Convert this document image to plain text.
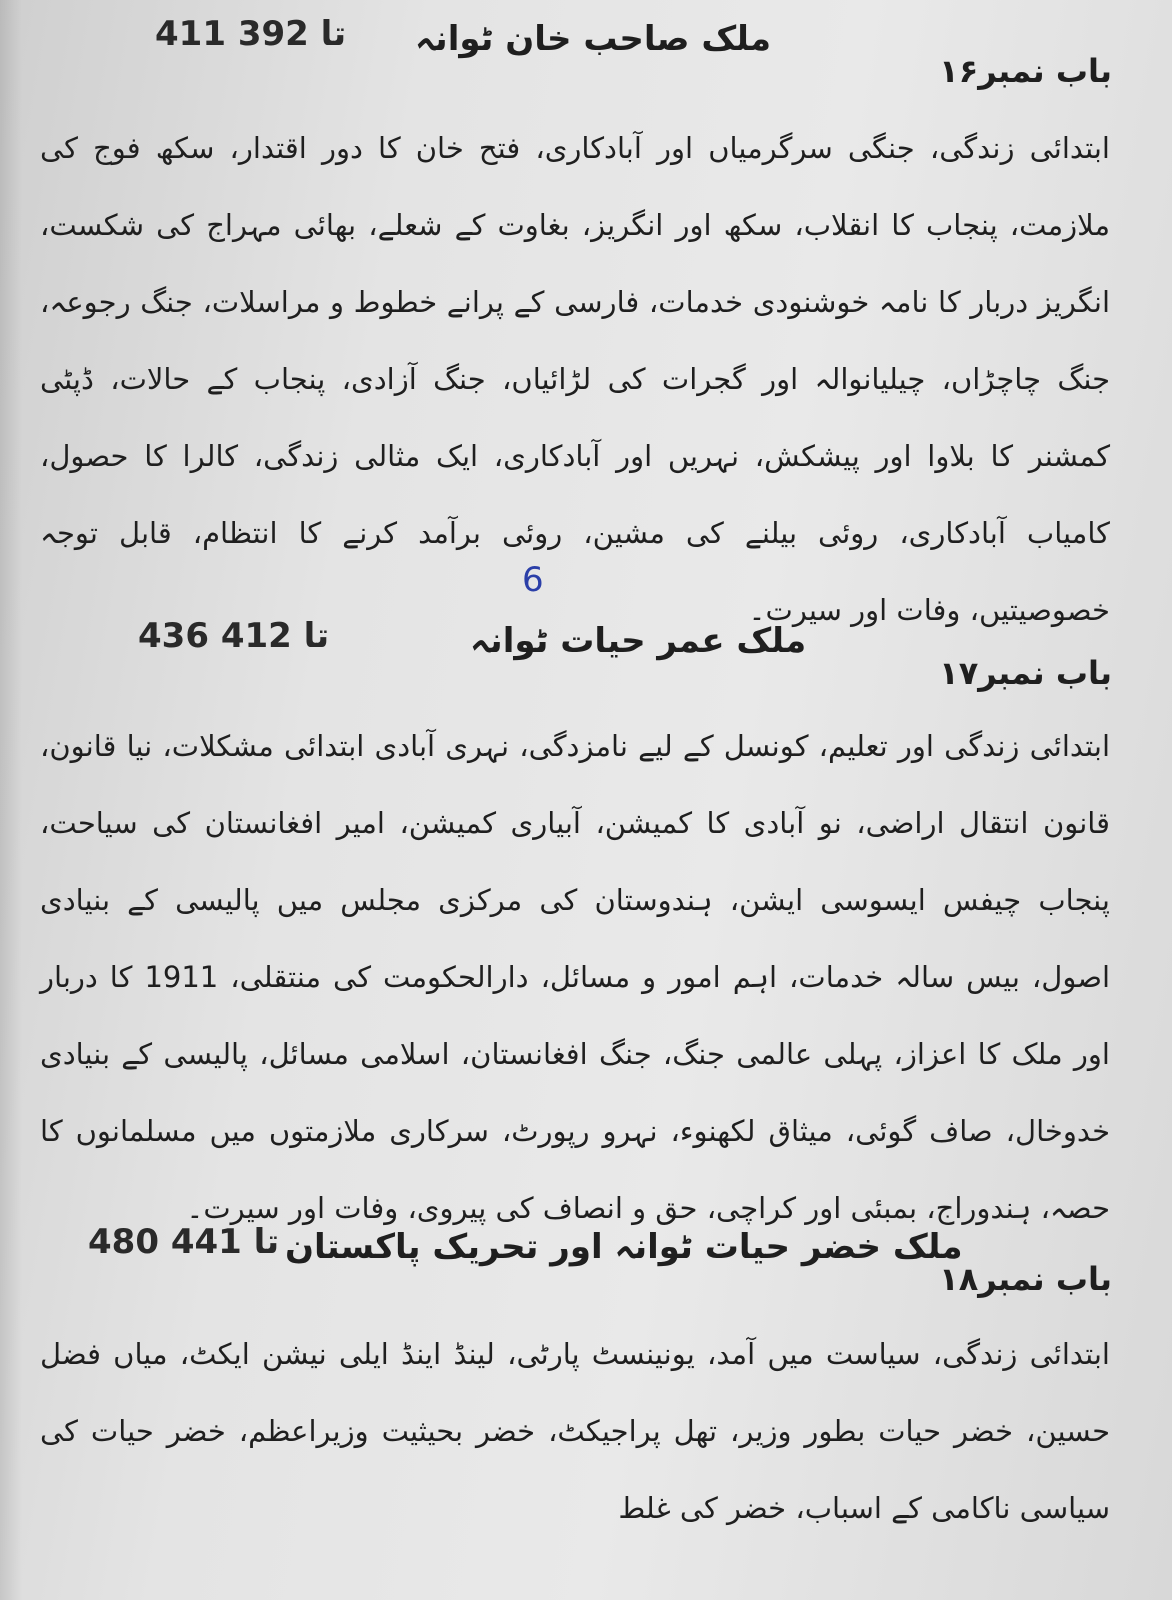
411 تا 392 ملک صاحب خان ٹوانہ
باب نمبر۱۶
ابتدائی زندگی، جنگی سرگرمیاں اور آبادکاری، فتح خان کا دور اقتدار، سکھ فوج کی ملازمت، پنجاب کا انقلاب، سکھ اور انگریز، بغاوت کے شعلے، بھائی مہراج کی شکست، انگریز دربار کا نامہ خوشنودی خدمات، فارسی کے پرانے خطوط و مراسلات، جنگ رجوعہ، جنگ چاچڑاں، چیلیانوالہ اور گجرات کی لڑائیاں، جنگ آزادی، پنجاب کے حالات، ڈپٹی کمشنر کا بلاوا اور پیشکش، نہریں اور آبادکاری، ایک مثالی زندگی، کالرا کا حصول، کامیاب آبادکاری، روئی بیلنے کی مشین، روئی برآمد کرنے کا انتظام، قابل توجہ خصوصیتیں، وفات اور سیرت۔
6
436 تا 412	ملک عمر حیات ٹوانہ
باب نمبر۱۷
ابتدائی زندگی اور تعلیم، کونسل کے لیے نامزدگی، نہری آبادی ابتدائی مشکلات، نیا قانون، قانون انتقال اراضی، نو آبادی کا کمیشن، آبیاری کمیشن، امیر افغانستان کی سیاحت، پنجاب چیفس ایسوسی ایشن، ہندوستان کی مرکزی مجلس میں پالیسی کے بنیادی اصول، بیس سالہ خدمات، اہم امور و مسائل، دارالحکومت کی منتقلی، 1911 کا دربار اور ملک کا اعزاز، پہلی عالمی جنگ، جنگ افغانستان، اسلامی مسائل، پالیسی کے بنیادی خدوخال، صاف گوئی، میثاق لکھنوء، نہرو رپورٹ، سرکاری ملازمتوں میں مسلمانوں کا حصہ، ہندوراج، بمبئی اور کراچی، حق و انصاف کی پیروی، وفات اور سیرت۔
480 تا 441 ملک خضر حیات ٹوانہ اور تحریک پاکستان
باب نمبر۱۸
ابتدائی زندگی، سیاست میں آمد، یونینسٹ پارٹی، لینڈ اینڈ ایلی نیشن ایکٹ، میاں فضل حسین، خضر حیات بطور وزیر، تھل پراجیکٹ، خضر بحیثیت وزیراعظم، خضر حیات کی سیاسی ناکامی کے اسباب، خضر کی غلط
